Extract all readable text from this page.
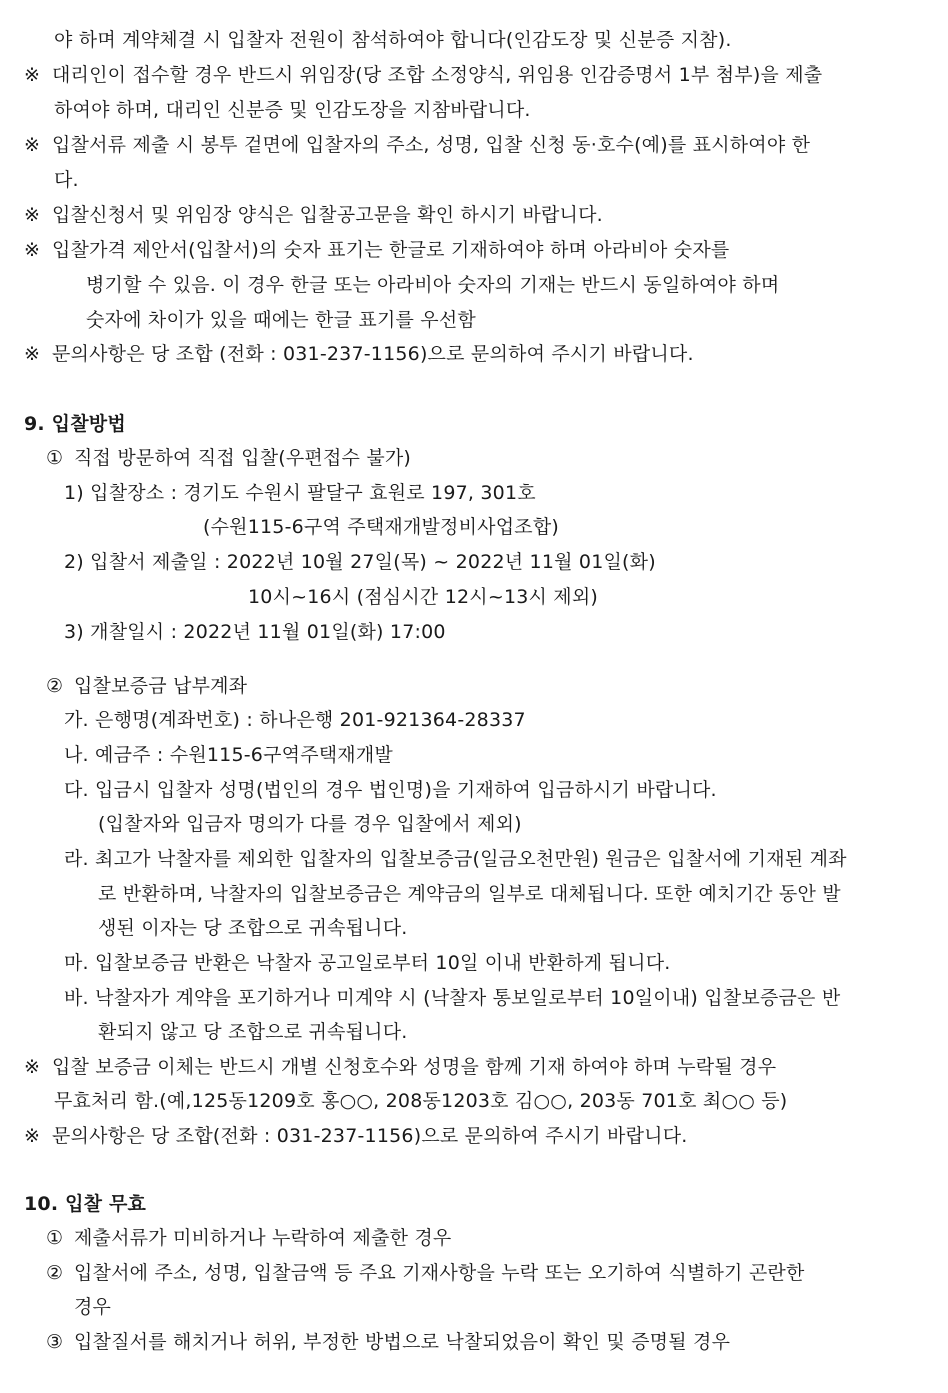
야 하며 계약체결 시 입찰자 전원이 참석하여야 합니다(인감도장 및 신분증 지참).
※ 대리인이 접수할 경우 반드시 위임장(당 조합 소정양식, 위임용 인감증명서 1부 첨부)을 제출
하여야 하며, 대리인 신분증 및 인감도장을 지참바랍니다.
※ 입찰서류 제출 시 봉투 겉면에 입찰자의 주소, 성명, 입찰 신청 동·호수(예)를 표시하여야 한
다.
※ 입찰신청서 및 위임장 양식은 입찰공고문을 확인 하시기 바랍니다.
※ 입찰가격 제안서(입찰서)의 숫자 표기는 한글로 기재하여야 하며 아라비아 숫자를
병기할 수 있음. 이 경우 한글 또는 아라비아 숫자의 기재는 반드시 동일하여야 하며
숫자에 차이가 있을 때에는 한글 표기를 우선함
※ 문의사항은 당 조합 (전화 : 031-237-1156)으로 문의하여 주시기 바랍니다.
9. 입찰방법
① 직접 방문하여 직접 입찰(우편접수 불가)
1) 입찰장소 : 경기도 수원시 팔달구 효원로 197, 301호
(수원115-6구역 주택재개발정비사업조합)
2) 입찰서 제출일 : 2022년 10월 27일(목) ~ 2022년 11월 01일(화)
10시~16시 (점심시간 12시~13시 제외)
3) 개찰일시 : 2022년 11월 01일(화) 17:00
② 입찰보증금 납부계좌
가. 은행명(계좌번호) : 하나은행 201-921364-28337
나. 예금주 : 수원115-6구역주택재개발
다. 입금시 입찰자 성명(법인의 경우 법인명)을 기재하여 입금하시기 바랍니다.
(입찰자와 입금자 명의가 다를 경우 입찰에서 제외)
라. 최고가 낙찰자를 제외한 입찰자의 입찰보증금(일금오천만원) 원금은 입찰서에 기재된 계좌
로 반환하며, 낙찰자의 입찰보증금은 계약금의 일부로 대체됩니다. 또한 예치기간 동안 발
생된 이자는 당 조합으로 귀속됩니다.
마. 입찰보증금 반환은 낙찰자 공고일로부터 10일 이내 반환하게 됩니다.
바. 낙찰자가 계약을 포기하거나 미계약 시 (낙찰자 통보일로부터 10일이내) 입찰보증금은 반
환되지 않고 당 조합으로 귀속됩니다.
※ 입찰 보증금 이체는 반드시 개별 신청호수와 성명을 함께 기재 하여야 하며 누락될 경우
무효처리 함.(예,125동1209호 홍○○, 208동1203호 김○○, 203동 701호 최○○ 등)
※ 문의사항은 당 조합(전화 : 031-237-1156)으로 문의하여 주시기 바랍니다.
10. 입찰 무효
① 제출서류가 미비하거나 누락하여 제출한 경우
② 입찰서에 주소, 성명, 입찰금액 등 주요 기재사항을 누락 또는 오기하여 식별하기 곤란한
경우
③ 입찰질서를 해치거나 허위, 부정한 방법으로 낙찰되었음이 확인 및 증명될 경우
